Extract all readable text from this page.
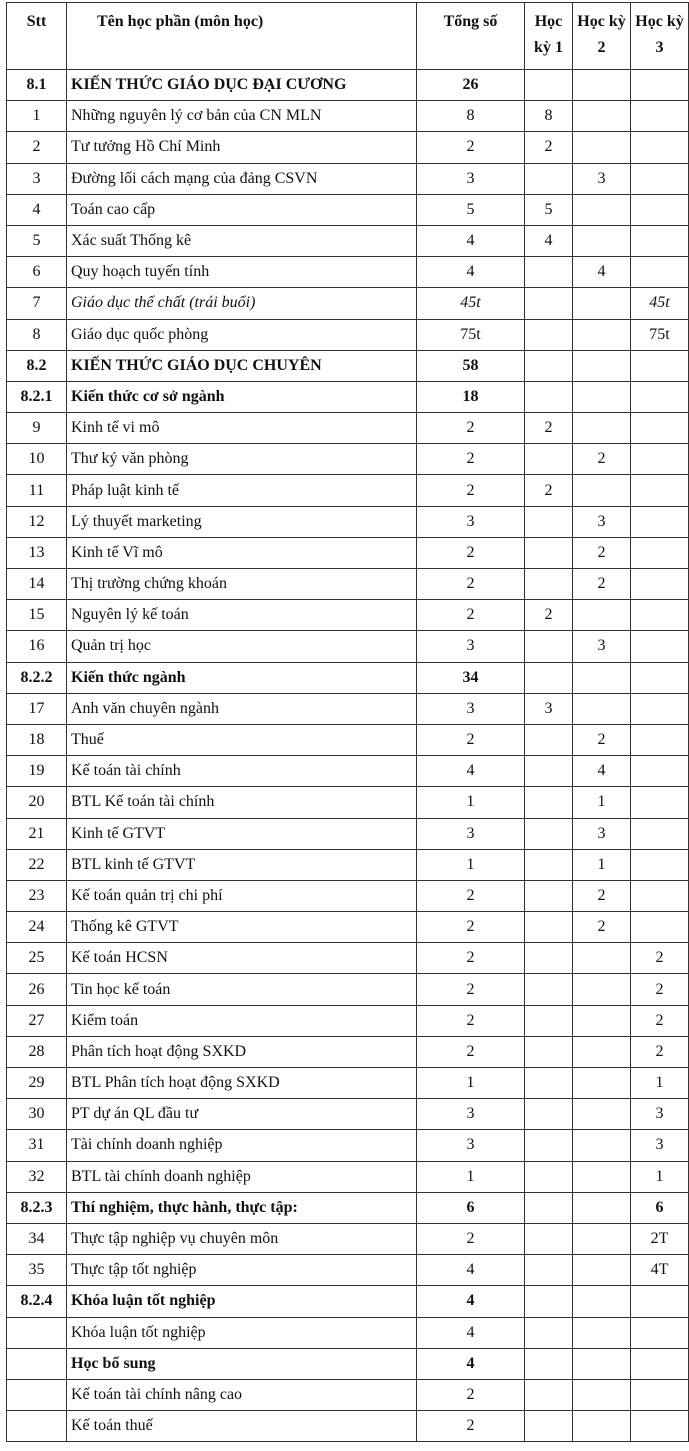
Stt	Tên học phần (môn học)	Tổng số	Học kỳ 1	Học kỳ 2	Học kỳ 3
8.1	KIẾN THỨC GIÁO DỤC ĐẠI CƯƠNG	26			
1	Những nguyên lý cơ bản của CN MLN	8	8		
2	Tư tưởng Hồ Chí Minh	2	2		
3	Đường lối cách mạng của đảng CSVN	3		3	
4	Toán cao cấp	5	5		
5	Xác suất Thống kê	4	4		
6	Quy hoạch tuyến tính	4		4	
7	Giáo dục thể chất (trái buổi)	45t			45t
8	Giáo dục quốc phòng	75t			75t
8.2	KIẾN THỨC GIÁO DỤC CHUYÊN	58			
8.2.1	Kiến thức cơ sở ngành	18			
9	Kinh tế vi mô	2	2		
10	Thư ký văn phòng	2		2	
11	Pháp luật kinh tế	2	2		
12	Lý thuyết marketing	3		3	
13	Kinh tế Vĩ mô	2		2	
14	Thị trường chứng khoán	2		2	
15	Nguyên lý kế toán	2	2		
16	Quản trị học	3		3	
8.2.2	Kiến thức ngành	34			
17	Anh văn chuyên ngành	3	3		
18	Thuế	2		2	
19	Kế toán tài chính	4		4	
20	BTL Kế toán tài chính	1		1	
21	Kinh tế GTVT	3		3	
22	BTL kinh tế GTVT	1		1	
23	Kế toán quản trị chi phí	2		2	
24	Thống kê GTVT	2		2	
25	Kế toán HCSN	2			2
26	Tin học kế toán	2			2
27	Kiểm toán	2			2
28	Phân tích hoạt động SXKD	2			2
29	BTL Phân tích hoạt động SXKD	1			1
30	PT dự án QL đầu tư	3			3
31	Tài chính doanh nghiệp	3			3
32	BTL tài chính doanh nghiệp	1			1
8.2.3	Thí nghiệm, thực hành, thực tập:	6			6
34	Thực tập nghiệp vụ chuyên môn	2			2T
35	Thực tập tốt nghiệp	4			4T
8.2.4	Khóa luận tốt nghiệp	4			
	Khóa luận tốt nghiệp	4			
	Học bổ sung	4			
	Kế toán tài chính nâng cao	2			
	Kế toán thuế	2			
